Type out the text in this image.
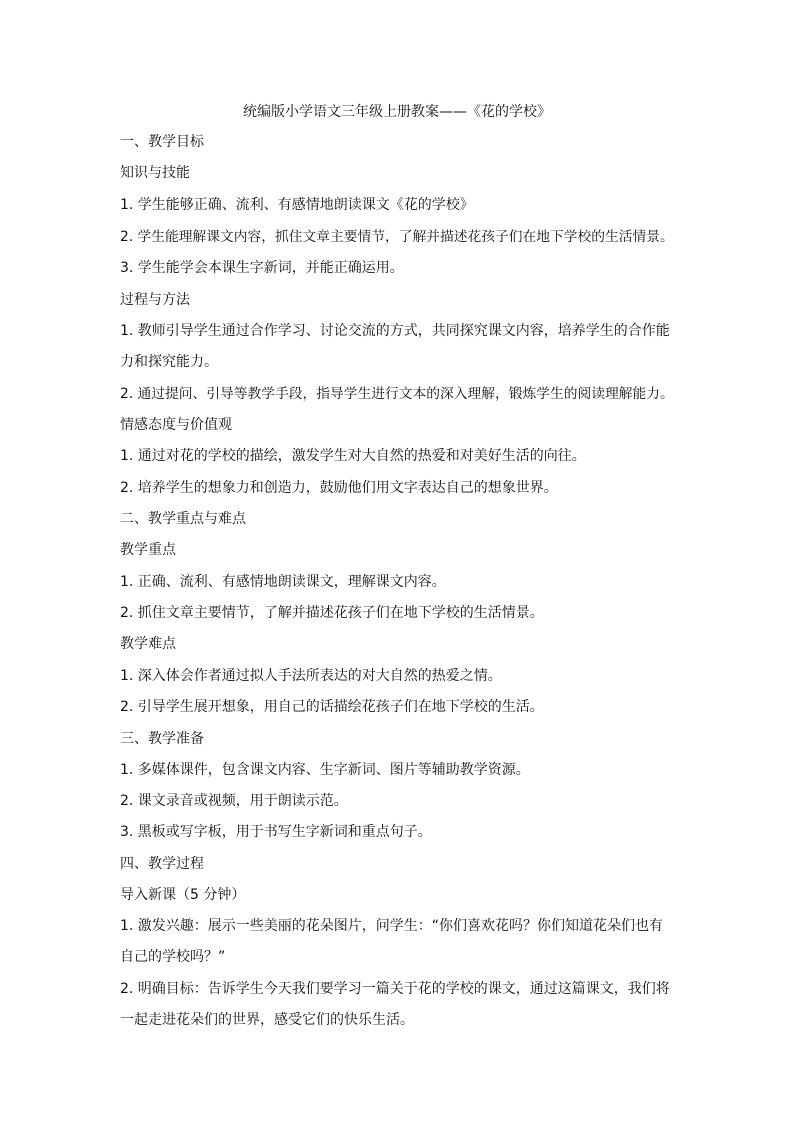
统编版小学语文三年级上册教案——《花的学校》
一、教学目标
知识与技能
1. 学生能够正确、流利、有感情地朗读课文《花的学校》
2. 学生能理解课文内容，抓住文章主要情节，了解并描述花孩子们在地下学校的生活情景。
3. 学生能学会本课生字新词，并能正确运用。
过程与方法
1. 教师引导学生通过合作学习、讨论交流的方式，共同探究课文内容，培养学生的合作能
力和探究能力。
2. 通过提问、引导等教学手段，指导学生进行文本的深入理解，锻炼学生的阅读理解能力。
情感态度与价值观
1. 通过对花的学校的描绘，激发学生对大自然的热爱和对美好生活的向往。
2. 培养学生的想象力和创造力，鼓励他们用文字表达自己的想象世界。
二、教学重点与难点
教学重点
1. 正确、流利、有感情地朗读课文，理解课文内容。
2. 抓住文章主要情节，了解并描述花孩子们在地下学校的生活情景。
教学难点
1. 深入体会作者通过拟人手法所表达的对大自然的热爱之情。
2. 引导学生展开想象，用自己的话描绘花孩子们在地下学校的生活。
三、教学准备
1. 多媒体课件，包含课文内容、生字新词、图片等辅助教学资源。
2. 课文录音或视频，用于朗读示范。
3. 黑板或写字板，用于书写生字新词和重点句子。
四、教学过程
导入新课（5 分钟）
1. 激发兴趣：展示一些美丽的花朵图片，问学生：“你们喜欢花吗？你们知道花朵们也有
自己的学校吗？”
2. 明确目标：告诉学生今天我们要学习一篇关于花的学校的课文，通过这篇课文，我们将
一起走进花朵们的世界，感受它们的快乐生活。
